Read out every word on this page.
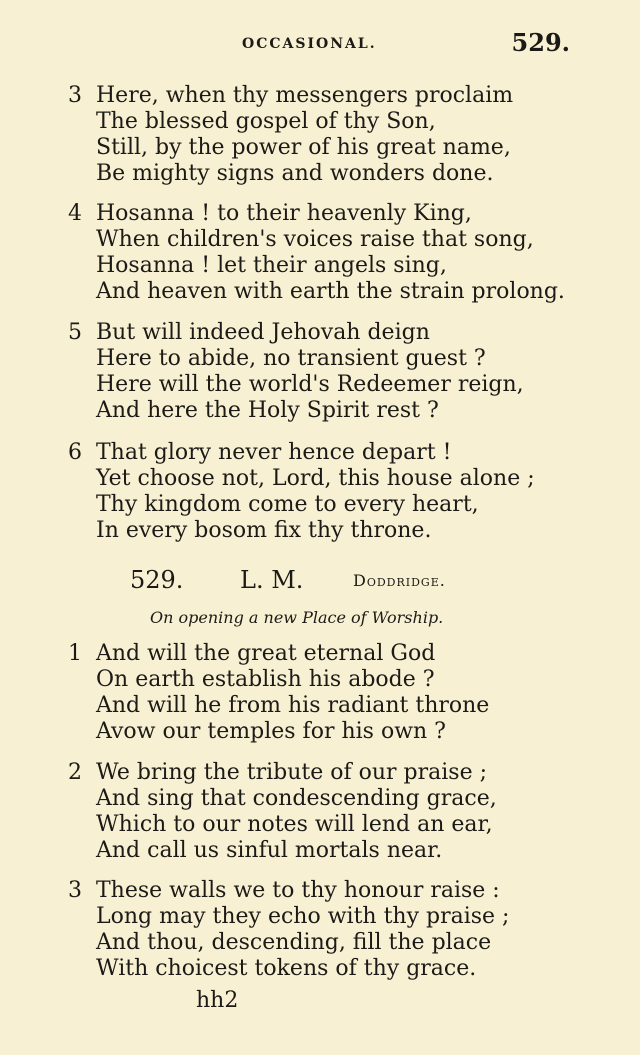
OCCASIONAL.	529.
3 Here, when thy messengers proclaim
The blessed gospel of thy Son,
Still, by the power of his great name,
Be mighty signs and wonders done.
4 Hosanna ! to their heavenly King,
When children's voices raise that song,
Hosanna ! let their angels sing,
And heaven with earth the strain prolong.
5 But will indeed Jehovah deign
Here to abide, no transient guest ?
Here will the world's Redeemer reign,
And here the Holy Spirit rest ?
6 That glory never hence depart !
Yet choose not, Lord, this house alone ;
Thy kingdom come to every heart,
In every bosom fix thy throne.
529. L. M.	Doddridge.
On opening a new Place of Worship.
1 And will the great eternal God
On earth establish his abode ?
And will he from his radiant throne
Avow our temples for his own ?
2 We bring the tribute of our praise ;
And sing that condescending grace,
Which to our notes will lend an ear,
And call us sinful mortals near.
3 These walls we to thy honour raise :
Long may they echo with thy praise ;
And thou, descending, fill the place
With choicest tokens of thy grace.
hh2
